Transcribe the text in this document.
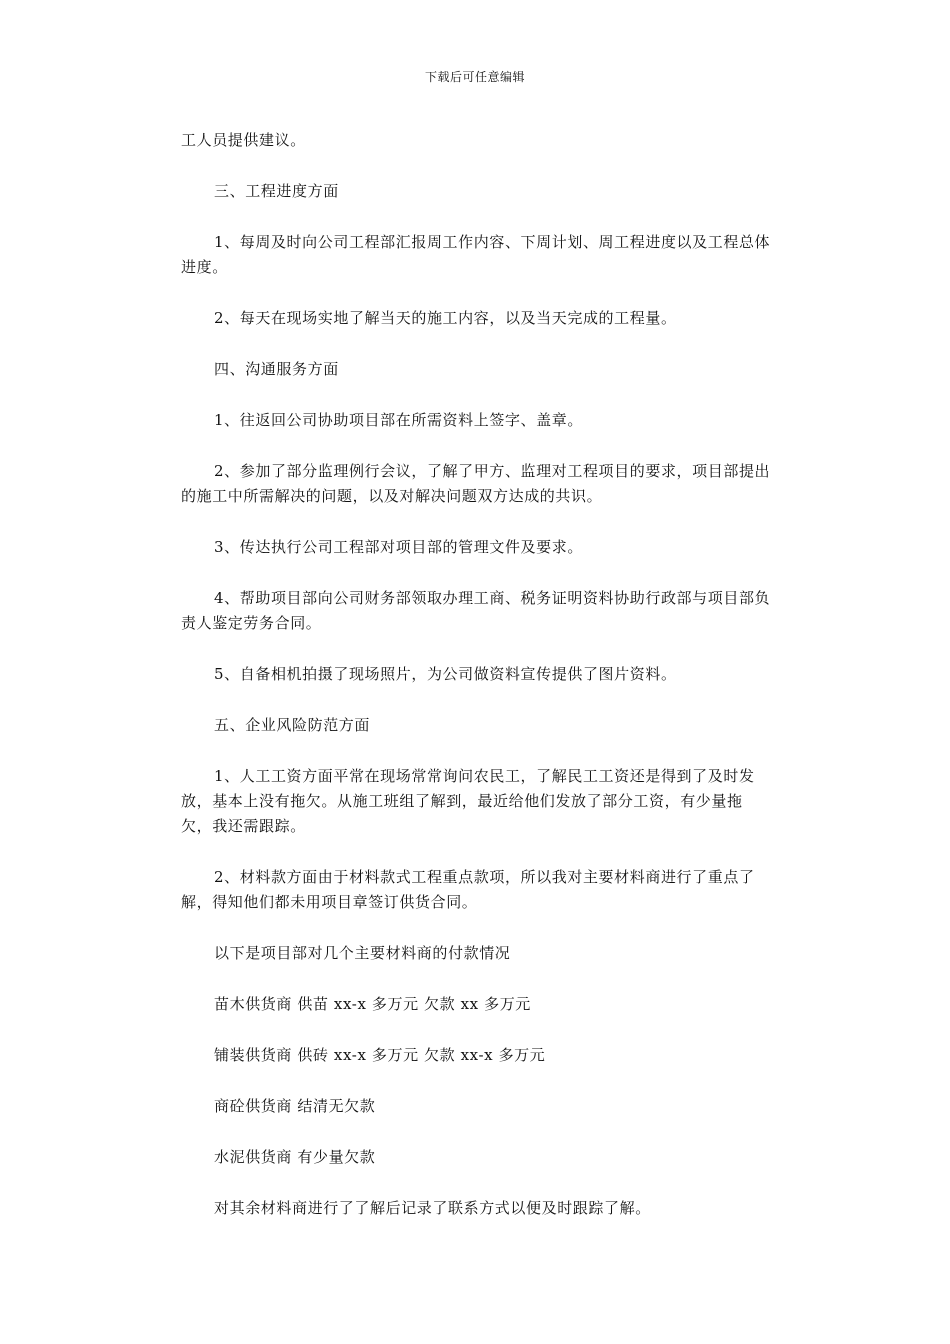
下载后可任意编辑

工人员提供建议。

三、工程进度方面

1、每周及时向公司工程部汇报周工作内容、下周计划、周工程进度以及工程总体进度。

2、每天在现场实地了解当天的施工内容，以及当天完成的工程量。

四、沟通服务方面

1、往返回公司协助项目部在所需资料上签字、盖章。

2、参加了部分监理例行会议，了解了甲方、监理对工程项目的要求，项目部提出的施工中所需解决的问题，以及对解决问题双方达成的共识。

3、传达执行公司工程部对项目部的管理文件及要求。

4、帮助项目部向公司财务部领取办理工商、税务证明资料协助行政部与项目部负责人鉴定劳务合同。

5、自备相机拍摄了现场照片，为公司做资料宣传提供了图片资料。

五、企业风险防范方面

1、人工工资方面平常在现场常常询问农民工，了解民工工资还是得到了及时发放，基本上没有拖欠。从施工班组了解到，最近给他们发放了部分工资，有少量拖欠，我还需跟踪。

2、材料款方面由于材料款式工程重点款项，所以我对主要材料商进行了重点了解，得知他们都未用项目章签订供货合同。

以下是项目部对几个主要材料商的付款情况

苗木供货商 供苗 xx-x 多万元 欠款 xx 多万元

铺装供货商 供砖 xx-x 多万元 欠款 xx-x 多万元

商砼供货商 结清无欠款

水泥供货商 有少量欠款

对其余材料商进行了了解后记录了联系方式以便及时跟踪了解。
